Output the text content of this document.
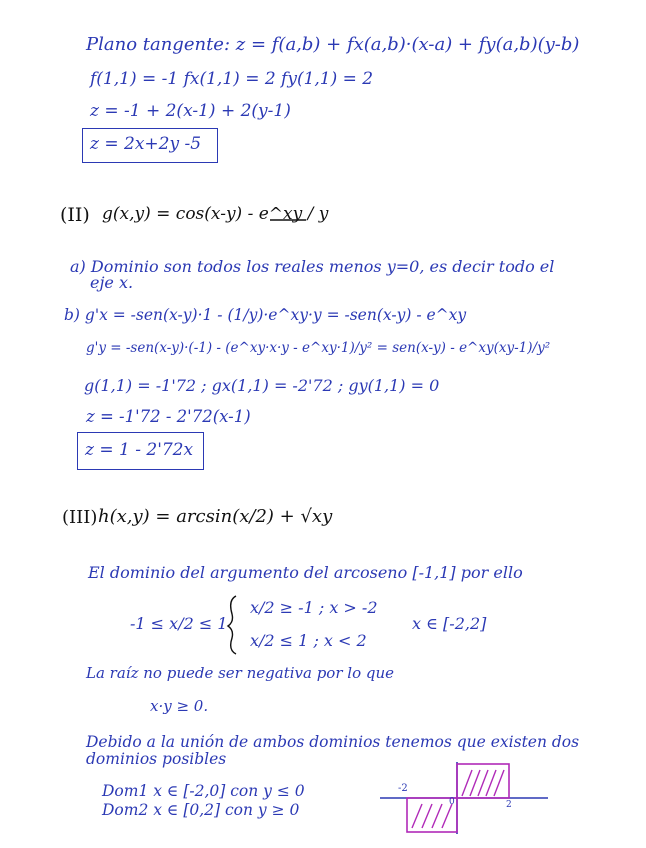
Plano tangente: z = f(a,b) + fx(a,b)·(x-a) + fy(a,b)(y-b)
f(1,1) = -1 fx(1,1) = 2 fy(1,1) = 2
z = -1 + 2(x-1) + 2(y-1)
z = 2x+2y -5
(II) g(x,y) = cos(x-y) - e^xy / y
a) Dominio son todos los reales menos y=0, es decir todo el
eje x.
b) g'x = -sen(x-y)·1 - (1/y)·e^xy·y = -sen(x-y) - e^xy
g'y = -sen(x-y)·(-1) - (e^xy·x·y - e^xy·1)/y² = sen(x-y) - e^xy(xy-1)/y²
g(1,1) = -1'72 ; gx(1,1) = -2'72 ; gy(1,1) = 0
z = -1'72 - 2'72(x-1)
z = 1 - 2'72x
(III) h(x,y) = arcsin(x/2) + √xy
El dominio del argumento del arcoseno [-1,1] por ello
-1 ≤ x/2 ≤ 1
x/2 ≥ -1 ; x > -2
x/2 ≤ 1 ; x < 2
x ∈ [-2,2]
La raíz no puede ser negativa por lo que
x·y ≥ 0.
Debido a la unión de ambos dominios tenemos que existen dos
dominios posibles
Dom1 x ∈ [-2,0] con y ≤ 0
Dom2 x ∈ [0,2] con y ≥ 0
-2
0	2
